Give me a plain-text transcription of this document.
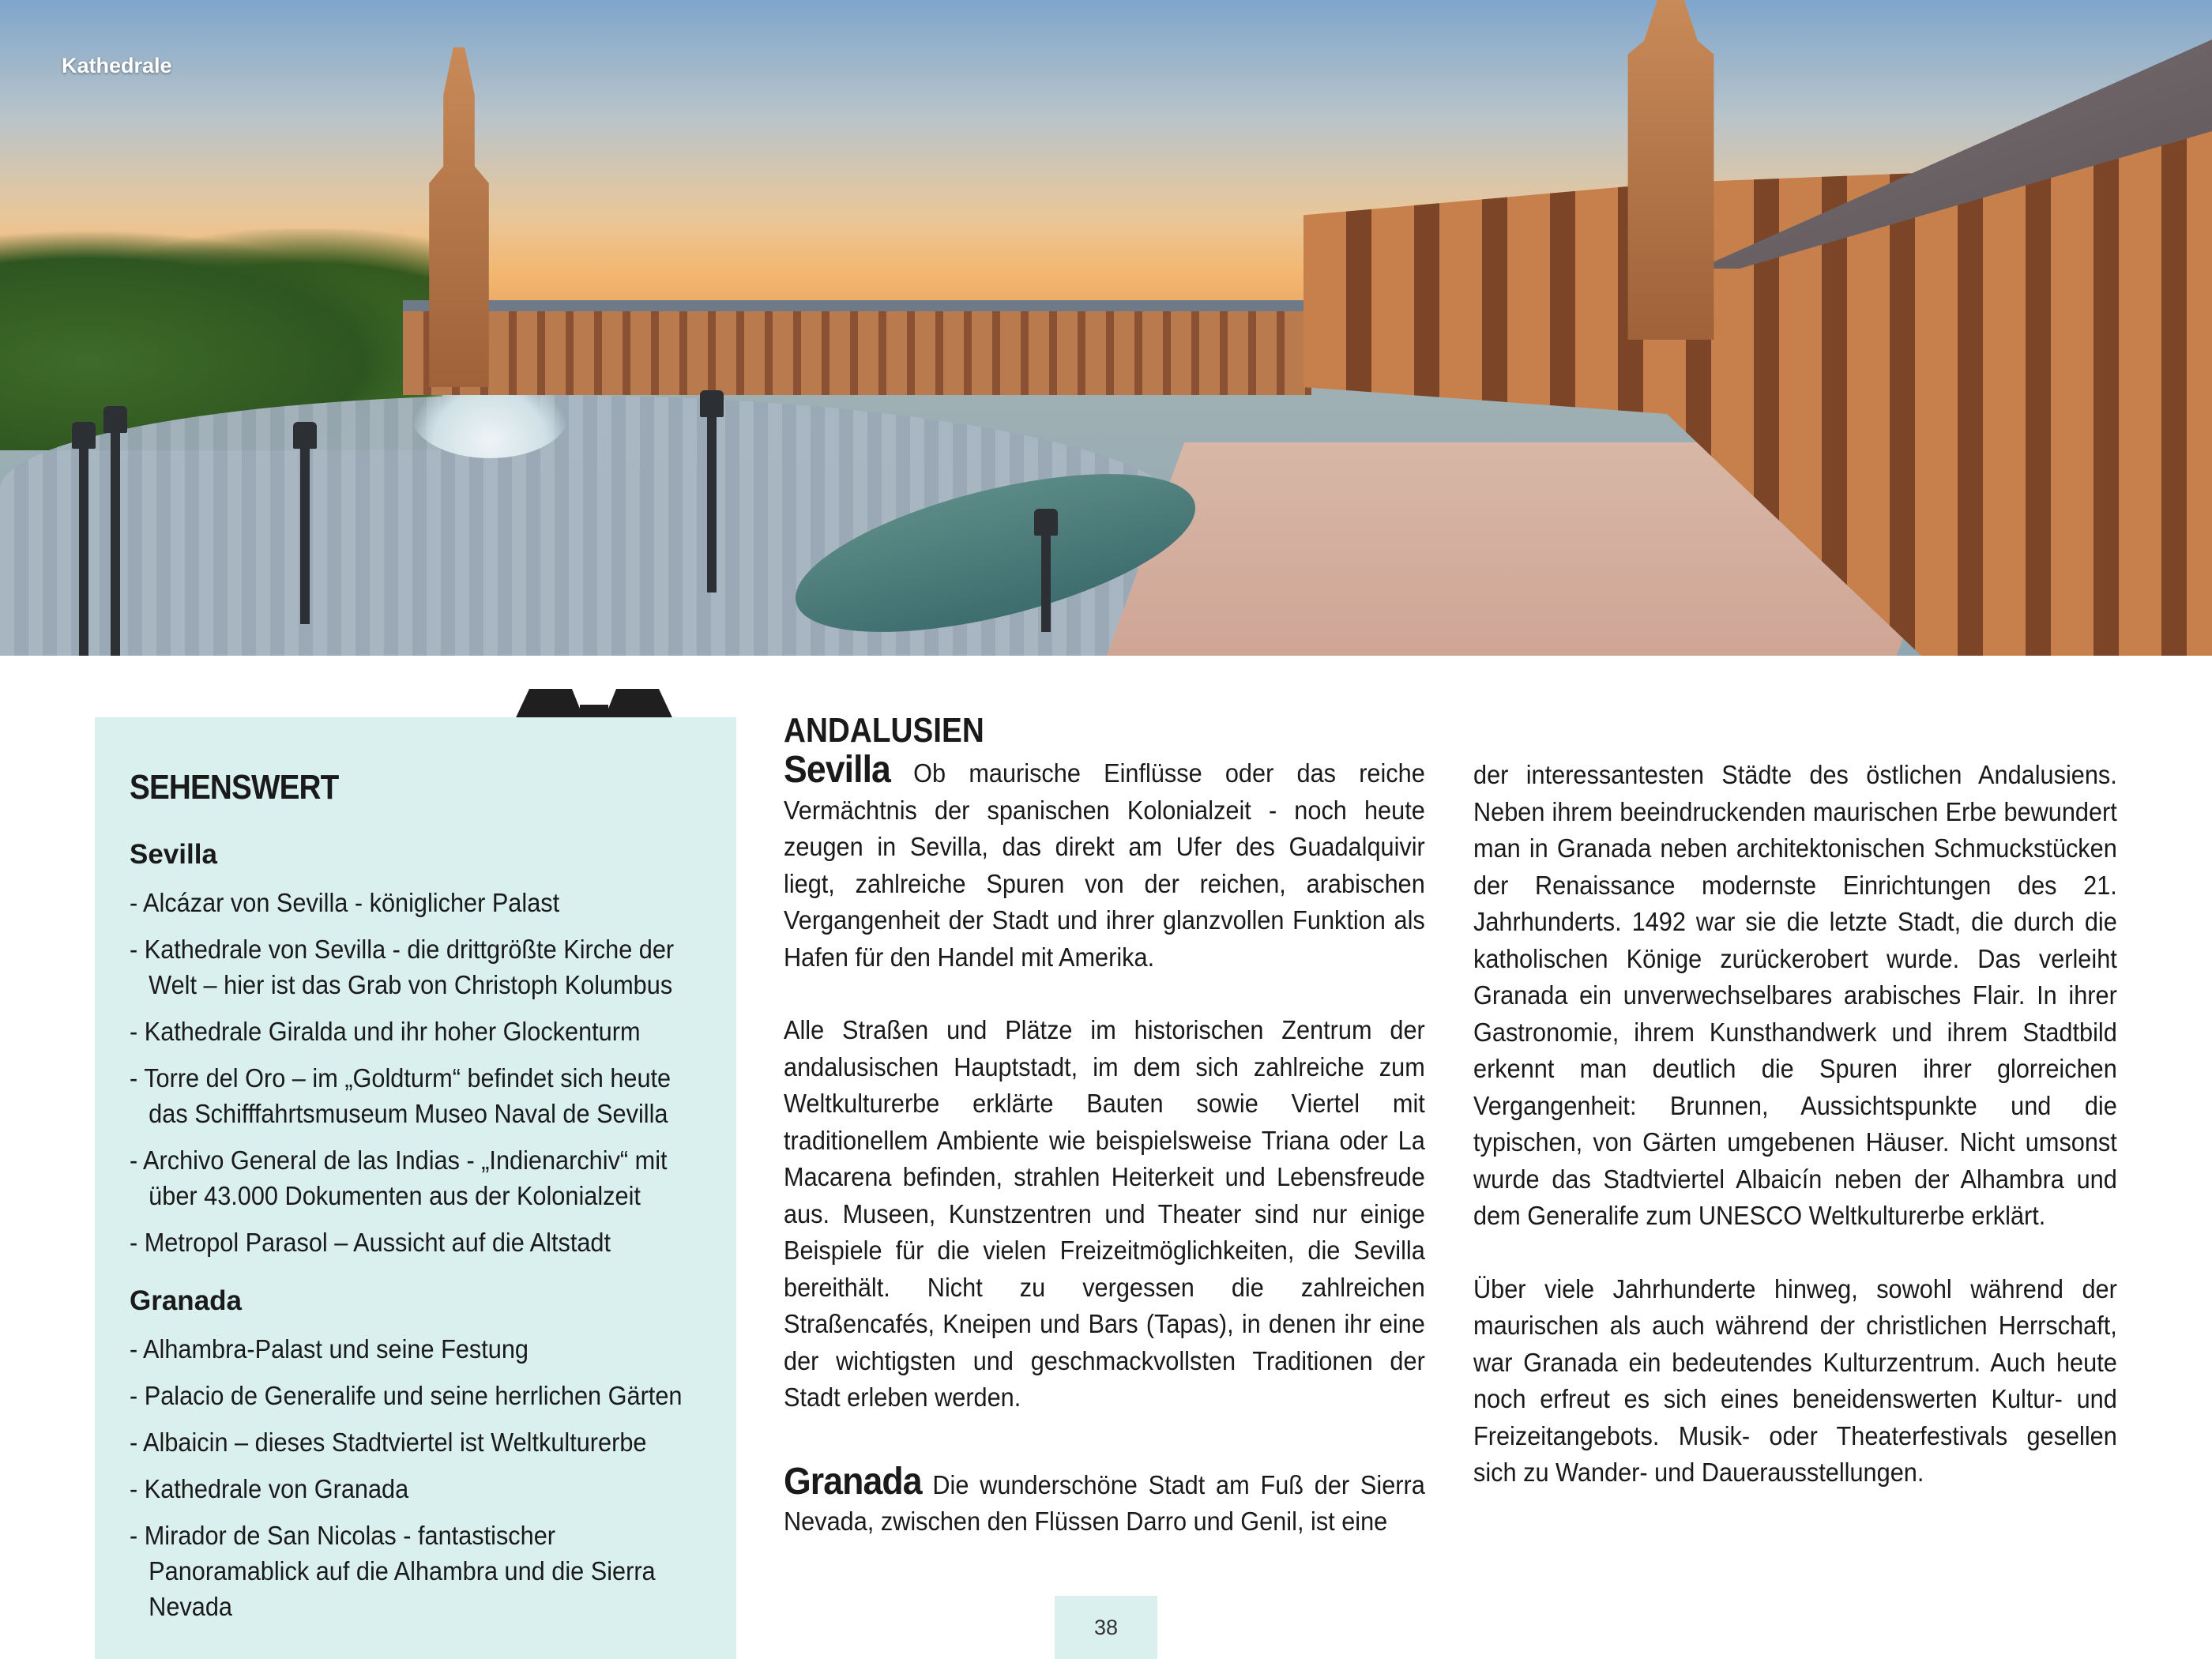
Kathedrale
SEHENSWERT
Sevilla
- Alcázar von Sevilla - königlicher Palast
- Kathedrale von Sevilla - die drittgrößte Kirche der Welt – hier ist das Grab von Christoph Kolumbus
- Kathedrale Giralda und ihr hoher Glockenturm
- Torre del Oro – im „Goldturm“ befindet sich heute das Schifffahrtsmuseum Museo Naval de Sevilla
- Archivo General de las Indias - „Indienarchiv“ mit über 43.000 Dokumenten aus der Kolonialzeit
- Metropol Parasol – Aussicht auf die Altstadt
Granada
- Alhambra-Palast und seine Festung
- Palacio de Generalife und seine herrlichen Gärten
- Albaicin – dieses Stadtviertel ist Weltkulturerbe
- Kathedrale von Granada
- Mirador de San Nicolas - fantastischer Panoramablick auf die Alhambra und die Sierra Nevada
ANDALUSIEN

Sevilla Ob maurische Einflüsse oder das reiche Vermächtnis der spanischen Kolonialzeit - noch heute zeugen in Sevilla, das direkt am Ufer des Guadalquivir liegt, zahlreiche Spuren von der reichen, arabischen Vergangenheit der Stadt und ihrer glanzvollen Funktion als Hafen für den Handel mit Amerika.

Alle Straßen und Plätze im historischen Zentrum der andalusischen Hauptstadt, im dem sich zahlreiche zum Weltkulturerbe erklärte Bauten sowie Viertel mit traditionellem Ambiente wie beispielsweise Triana oder La Macarena befinden, strahlen Heiterkeit und Lebensfreude aus. Museen, Kunstzentren und Theater sind nur einige Beispiele für die vielen Freizeitmöglichkeiten, die Sevilla bereithält. Nicht zu vergessen die zahlreichen Straßencafés, Kneipen und Bars (Tapas), in denen ihr eine der wichtigsten und geschmackvollsten Traditionen der Stadt erleben werden.

Granada Die wunderschöne Stadt am Fuß der Sierra Nevada, zwischen den Flüssen Darro und Genil, ist eine

der interessantesten Städte des östlichen Andalusiens. Neben ihrem beeindruckenden maurischen Erbe bewundert man in Granada neben architektonischen Schmuckstücken der Renaissance modernste Einrichtungen des 21. Jahrhunderts. 1492 war sie die letzte Stadt, die durch die katholischen Könige zurückerobert wurde. Das verleiht Granada ein unverwechselbares arabisches Flair. In ihrer Gastronomie, ihrem Kunsthandwerk und ihrem Stadtbild erkennt man deutlich die Spuren ihrer glorreichen Vergangenheit: Brunnen, Aussichtspunkte und die typischen, von Gärten umgebenen Häuser. Nicht umsonst wurde das Stadtviertel Albaicín neben der Alhambra und dem Generalife zum UNESCO Weltkulturerbe erklärt.

Über viele Jahrhunderte hinweg, sowohl während der maurischen als auch während der christlichen Herrschaft, war Granada ein bedeutendes Kulturzentrum. Auch heute noch erfreut es sich eines beneidenswerten Kultur- und Freizeitangebots. Musik- oder Theaterfestivals gesellen sich zu Wander- und Dauerausstellungen.

38
